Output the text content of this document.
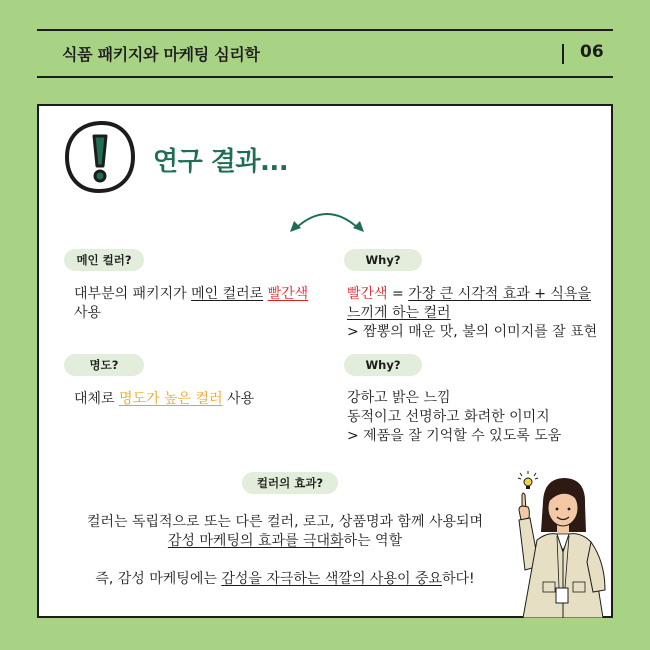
식품 패키지와 마케팅 심리학	06
연구 결과...
메인 컬러?
대부분의 패키지가 메인 컬러로 빨간색 사용
Why?
빨간색 = 가장 큰 시각적 효과 + 식욕을
느끼게 하는 컬러
> 짬뽕의 매운 맛, 불의 이미지를 잘 표현
명도?
대체로 명도가 높은 컬러 사용
Why?
강하고 밝은 느낌
동적이고 선명하고 화려한 이미지
> 제품을 잘 기억할 수 있도록 도움
컬러의 효과?
컬러는 독립적으로 또는 다른 컬러, 로고, 상품명과 함께 사용되며
감성 마케팅의 효과를 극대화하는 역할
즉, 감성 마케팅에는 감성을 자극하는 색깔의 사용이 중요하다!
